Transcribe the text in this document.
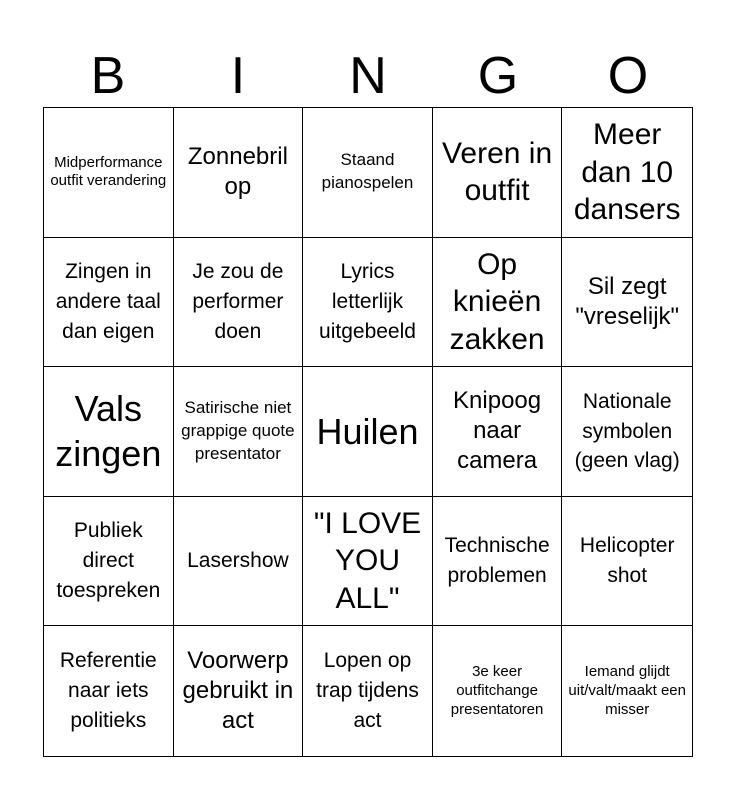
B	I	N	G	O
Midperformance outfit verandering
Zonnebril op
Staand pianospelen
Veren in outfit
Meer dan 10 dansers
Zingen in andere taal dan eigen
Je zou de performer doen
Lyrics letterlijk uitgebeeld
Op knieën zakken
Sil zegt "vreselijk"
Vals zingen
Satirische niet grappige quote presentator
Huilen
Knipoog naar camera
Nationale symbolen (geen vlag)
Publiek direct toespreken
Lasershow
"I LOVE YOU ALL"
Technische problemen
Helicopter shot
Referentie naar iets politieks
Voorwerp gebruikt in act
Lopen op trap tijdens act
3e keer outfitchange presentatoren
Iemand glijdt uit/valt/maakt een misser
